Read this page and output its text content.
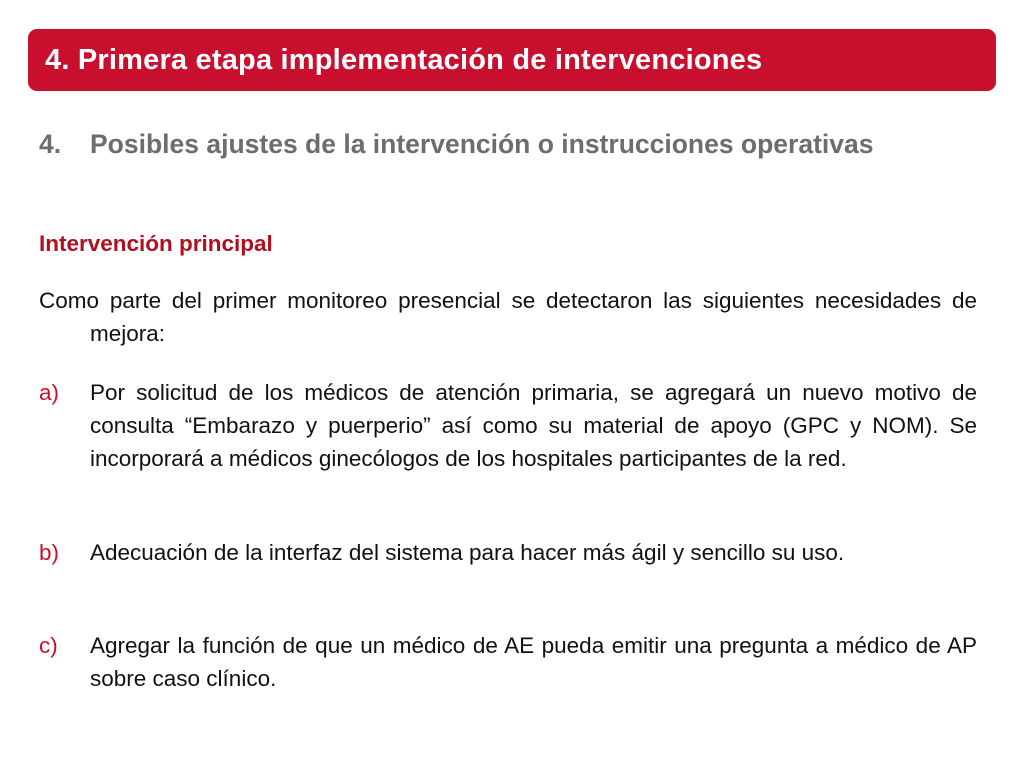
4. Primera etapa implementación de intervenciones
4. Posibles ajustes de la intervención o instrucciones operativas
Intervención principal
Como parte del primer monitoreo presencial se detectaron las siguientes necesidades de mejora:
a) Por solicitud de los médicos de atención primaria, se agregará un nuevo motivo de consulta “Embarazo y puerperio” así como su material de apoyo (GPC y NOM). Se incorporará a médicos ginecólogos de los hospitales participantes de la red.
b) Adecuación de la interfaz del sistema para hacer más ágil y sencillo su uso.
c) Agregar la función de que un médico de AE pueda emitir una pregunta a médico de AP sobre caso clínico.
